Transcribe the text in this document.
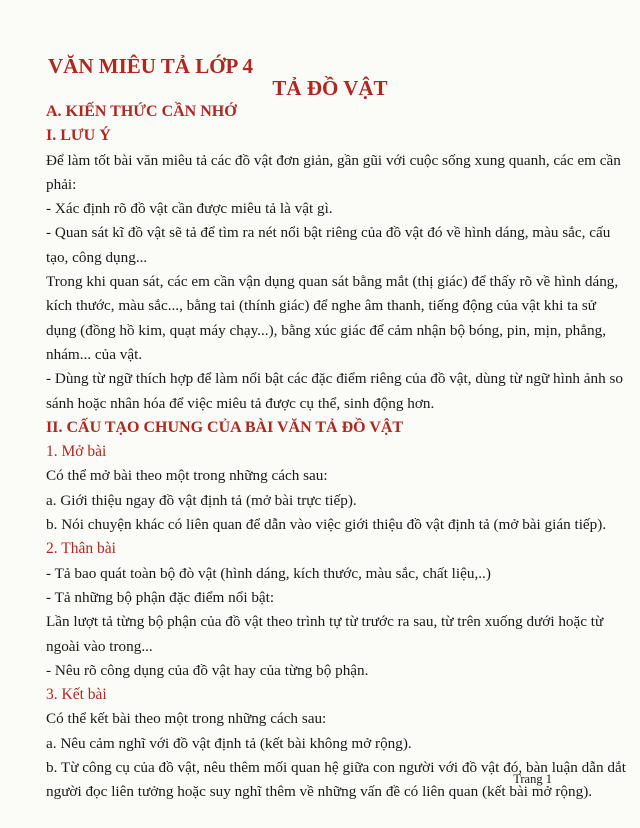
VĂN MIÊU TẢ LỚP 4
TẢ ĐỒ VẬT
A. KIẾN THỨC CẦN NHỚ
I. LƯU Ý
Để làm tốt bài văn miêu tả các đồ vật đơn giản, gần gũi với cuộc sống xung quanh, các em cần phải:
- Xác định rõ đồ vật cần được miêu tả là vật gì.
- Quan sát kĩ đồ vật sẽ tả để tìm ra nét nổi bật riêng của đồ vật đó về hình dáng, màu sắc, cấu tạo, công dụng...
Trong khi quan sát, các em cần vận dụng quan sát bằng mắt (thị giác) để thấy rõ về hình dáng, kích thước, màu sắc..., bằng tai (thính giác) để nghe âm thanh, tiếng động của vật khi ta sử dụng (đồng hồ kim, quạt máy chạy...), bằng xúc giác để cảm nhận bộ bóng, pin, mịn, phẳng, nhám... của vật.
- Dùng từ ngữ thích hợp để làm nổi bật các đặc điểm riêng của đồ vật, dùng từ ngữ hình ảnh so sánh hoặc nhân hóa để việc miêu tả được cụ thể, sinh động hơn.
II. CẤU TẠO CHUNG CỦA BÀI VĂN TẢ ĐỒ VẬT
1. Mở bài
Có thể mở bài theo một trong những cách sau:
a. Giới thiệu ngay đồ vật định tả (mở bài trực tiếp).
b. Nói chuyện khác có liên quan để dẫn vào việc giới thiệu đồ vật định tả (mở bài gián tiếp).
2. Thân bài
- Tả bao quát toàn bộ đò vật (hình dáng, kích thước, màu sắc, chất liệu,..)
- Tả những bộ phận đặc điểm nổi bật:
Lần lượt tả từng bộ phận của đồ vật theo trình tự từ trước ra sau, từ trên xuống dưới hoặc từ ngoài vào trong...
- Nêu rõ công dụng của đồ vật hay của từng bộ phận.
3. Kết bài
Có thể kết bài theo một trong những cách sau:
a. Nêu cảm nghĩ với đồ vật định tả (kết bài không mở rộng).
b. Từ công cụ của đồ vật, nêu thêm mối quan hệ giữa con người với đồ vật đó, bàn luận dẫn dắt người đọc liên tưởng hoặc suy nghĩ thêm về những vấn đề có liên quan (kết bài mở rộng).
Trang 1
